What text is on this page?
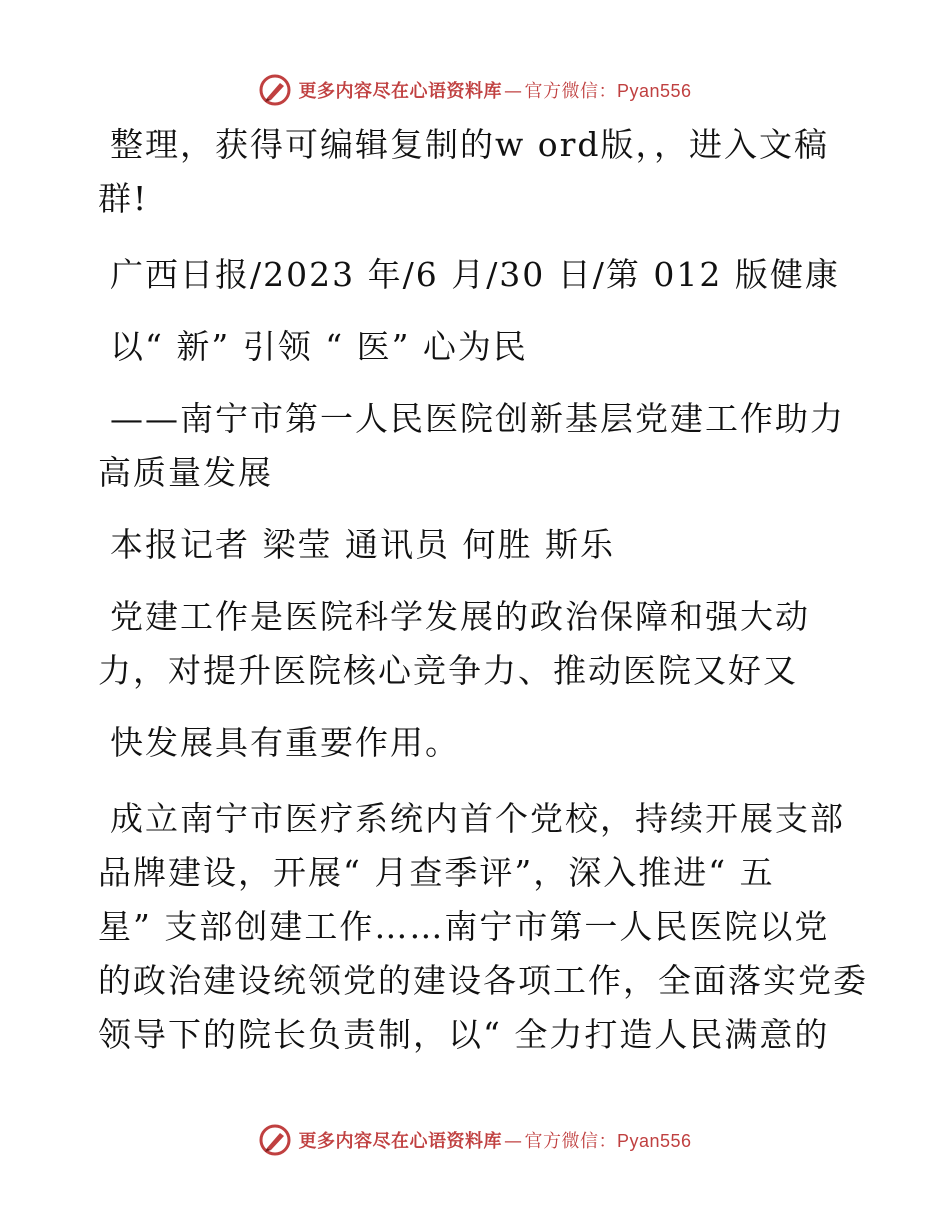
更多内容尽在心语资料库 — 官方微信：Pyan556
整理，获得可编辑复制的w ord版，，进入文稿
群!
广西日报/2023 年/6 月/30 日/第 012 版健康
以“ 新” 引领 “ 医” 心为民
——南宁市第一人民医院创新基层党建工作助力
高质量发展
本报记者 梁莹 通讯员 何胜 斯乐
党建工作是医院科学发展的政治保障和强大动
力，对提升医院核心竞争力、推动医院又好又
快发展具有重要作用。
成立南宁市医疗系统内首个党校，持续开展支部
品牌建设，开展“ 月查季评”，深入推进“ 五
星” 支部创建工作……南宁市第一人民医院以党
的政治建设统领党的建设各项工作，全面落实党委
领导下的院长负责制，以“ 全力打造人民满意的
更多内容尽在心语资料库 — 官方微信：Pyan556
